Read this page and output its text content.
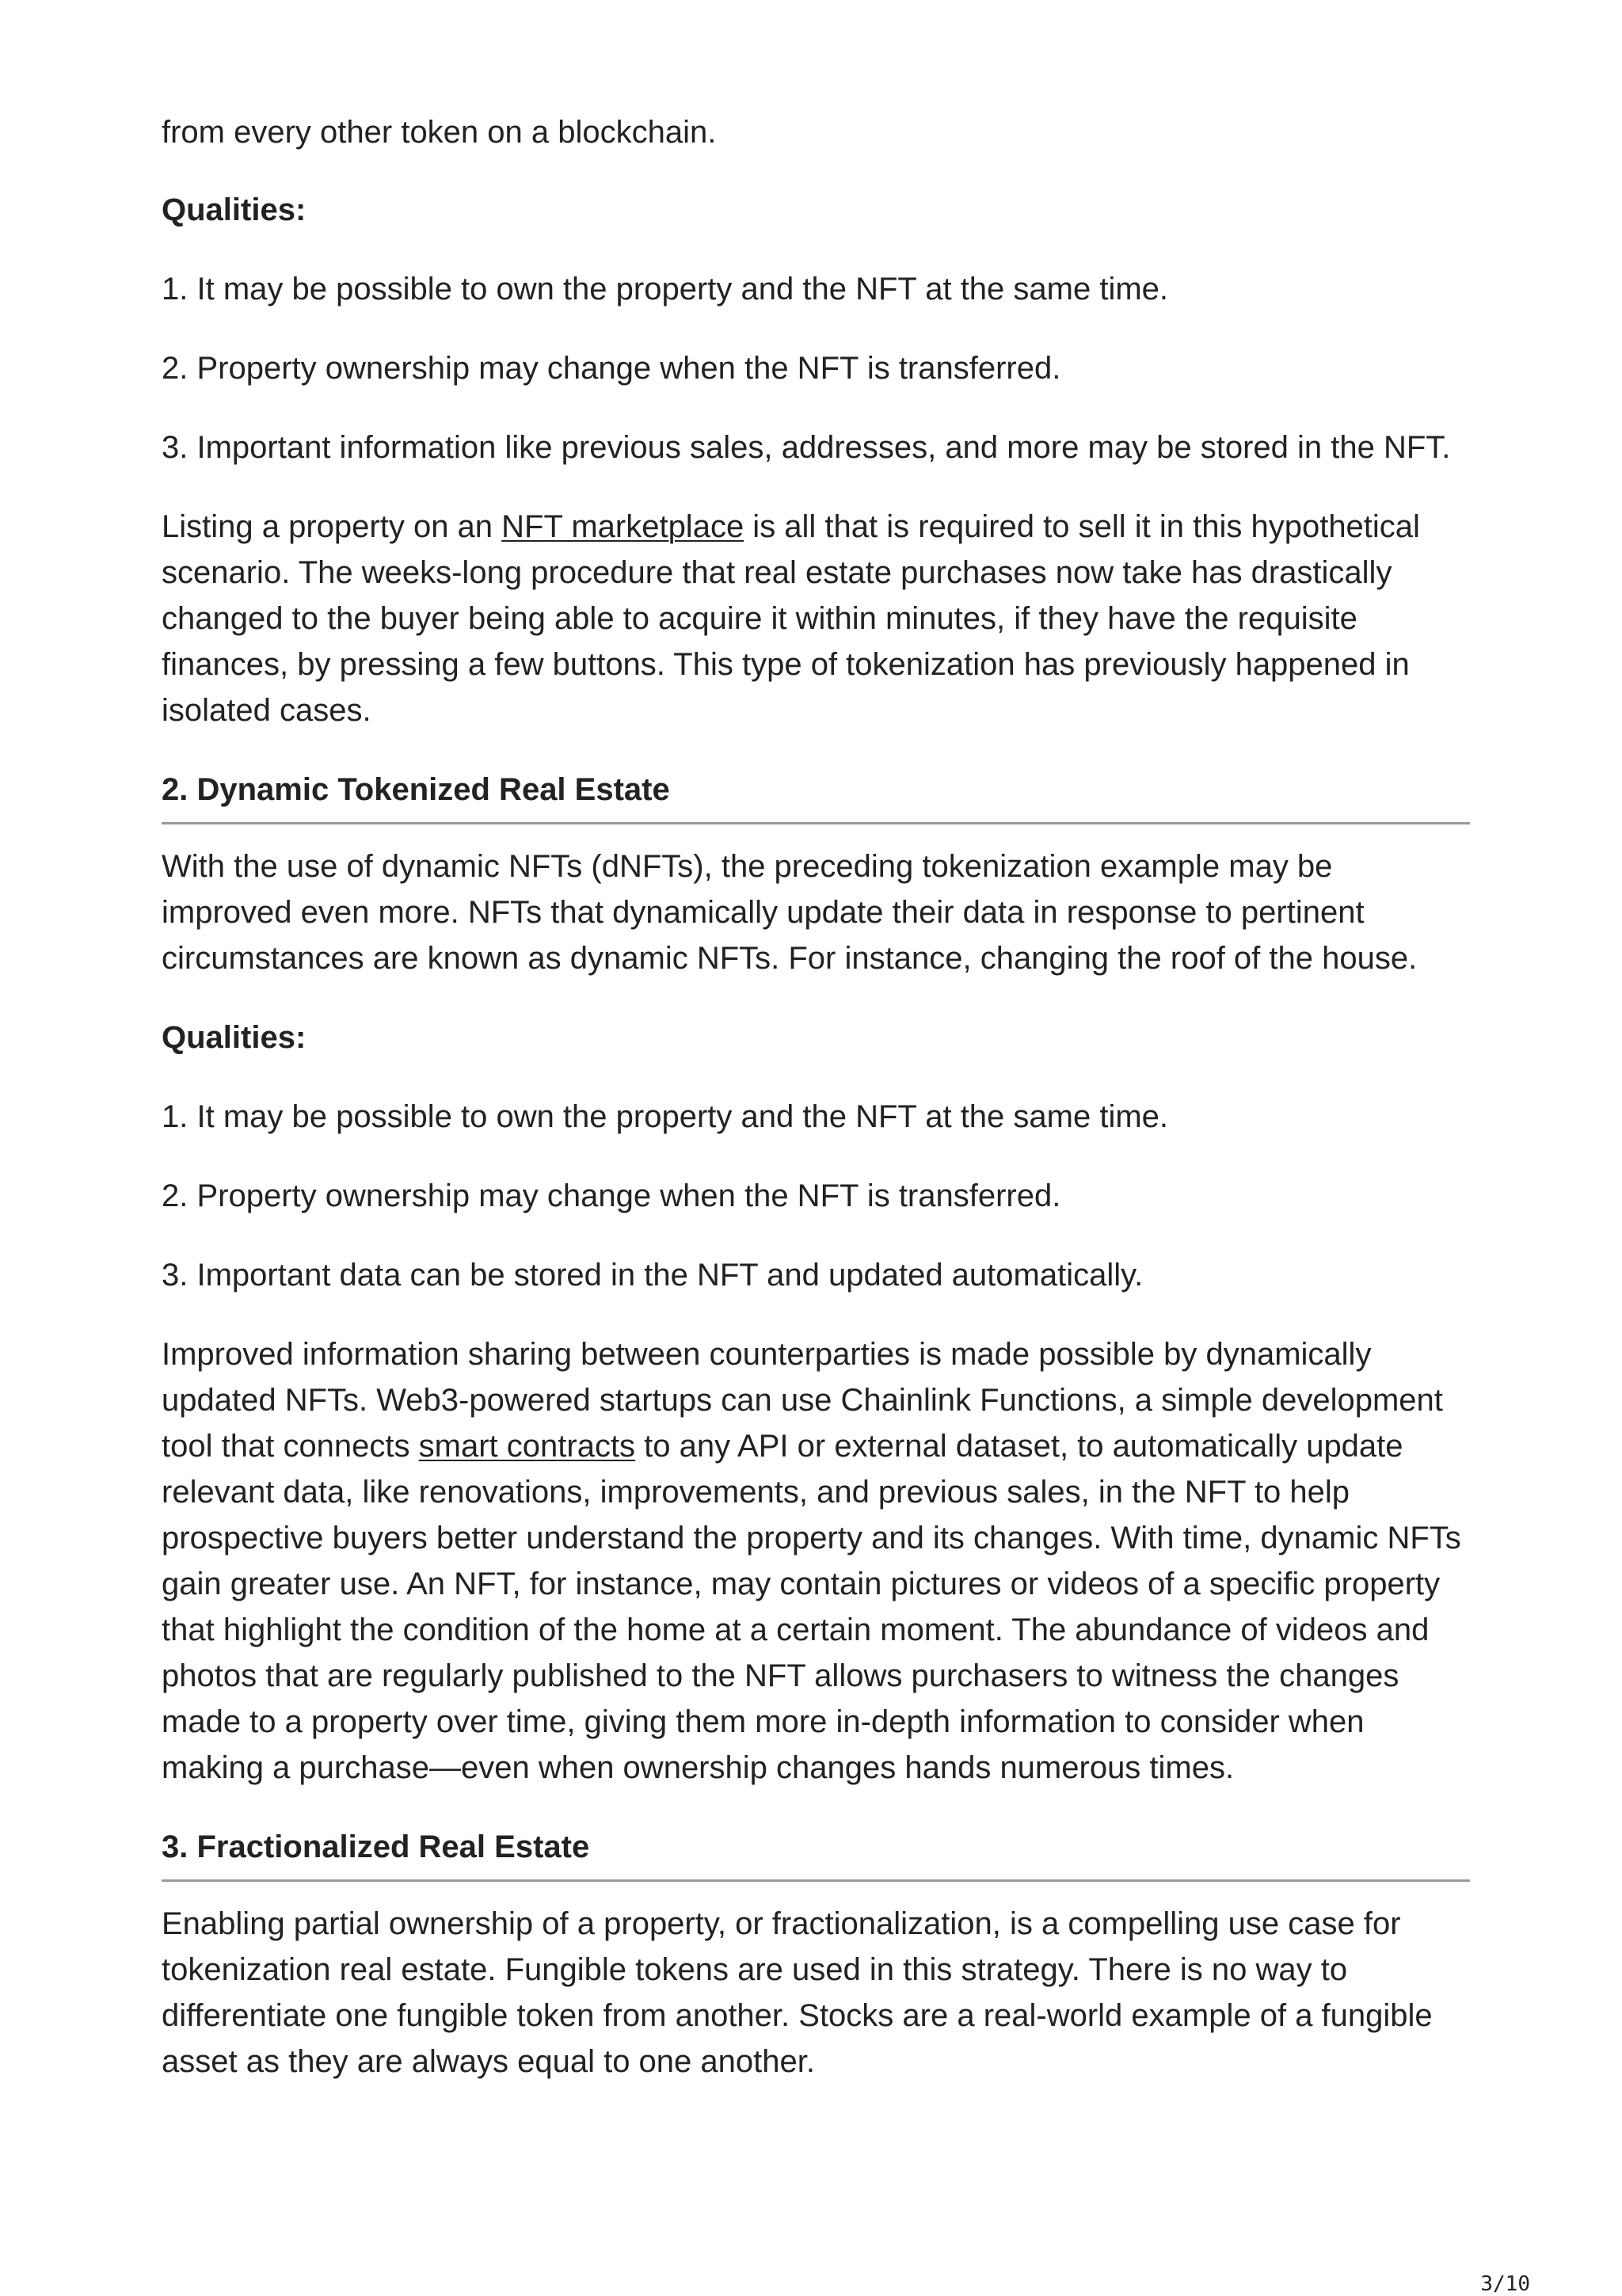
from every other token on a blockchain.

Qualities:

1. It may be possible to own the property and the NFT at the same time.

2. Property ownership may change when the NFT is transferred.

3. Important information like previous sales, addresses, and more may be stored in the NFT.

Listing a property on an NFT marketplace is all that is required to sell it in this hypothetical scenario. The weeks-long procedure that real estate purchases now take has drastically changed to the buyer being able to acquire it within minutes, if they have the requisite finances, by pressing a few buttons. This type of tokenization has previously happened in isolated cases.

2. Dynamic Tokenized Real Estate

With the use of dynamic NFTs (dNFTs), the preceding tokenization example may be improved even more. NFTs that dynamically update their data in response to pertinent circumstances are known as dynamic NFTs. For instance, changing the roof of the house.

Qualities:

1. It may be possible to own the property and the NFT at the same time.

2. Property ownership may change when the NFT is transferred.

3. Important data can be stored in the NFT and updated automatically.

Improved information sharing between counterparties is made possible by dynamically updated NFTs. Web3-powered startups can use Chainlink Functions, a simple development tool that connects smart contracts to any API or external dataset, to automatically update relevant data, like renovations, improvements, and previous sales, in the NFT to help prospective buyers better understand the property and its changes. With time, dynamic NFTs gain greater use. An NFT, for instance, may contain pictures or videos of a specific property that highlight the condition of the home at a certain moment. The abundance of videos and photos that are regularly published to the NFT allows purchasers to witness the changes made to a property over time, giving them more in-depth information to consider when making a purchase—even when ownership changes hands numerous times.

3. Fractionalized Real Estate

Enabling partial ownership of a property, or fractionalization, is a compelling use case for tokenization real estate. Fungible tokens are used in this strategy. There is no way to differentiate one fungible token from another. Stocks are a real-world example of a fungible asset as they are always equal to one another.

3/10
